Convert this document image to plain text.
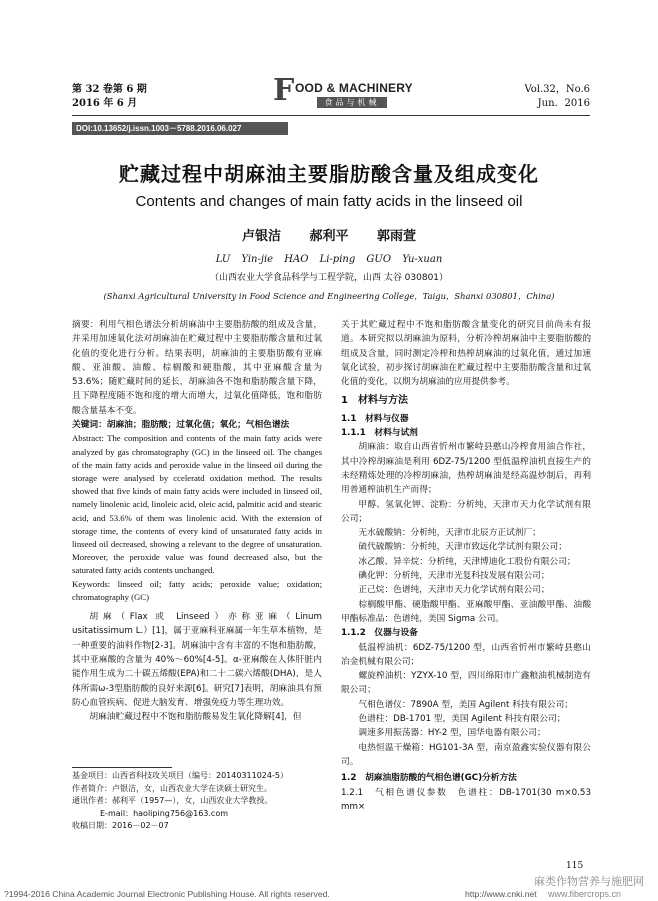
第 32 卷第 6 期
2016 年 6 月	F OOD & MACHINERY
食品与机械
Vol.32，No.6
Jun．2016
DOI:10.13652/j.issn.1003－5788.2016.06.027
贮藏过程中胡麻油主要脂肪酸含量及组成变化
Contents and changes of main fatty acids in the linseed oil
卢银洁 郝利平 郭雨萱
LU Yin-jie HAO Li-ping GUO Yu-xuan
（山西农业大学食品科学与工程学院，山西 太谷 030801）
(Shanxi Agricultural University in Food Science and Engineering College，Taigu，Shanxi 030801，China)

摘要：利用气相色谱法分析胡麻油中主要脂肪酸的组成及含量，并采用加速氧化法对胡麻油在贮藏过程中主要脂肪酸含量和过氧化值的变化进行分析。结果表明，胡麻油的主要脂肪酸有亚麻酸、亚油酸、油酸、棕榈酸和硬脂酸，其中亚麻酸含量为 53.6%；随贮藏时间的延长，胡麻油各不饱和脂肪酸含量下降，且下降程度随不饱和度的增大而增大，过氧化值降低，饱和脂肪酸含量基本不变。

关键词：胡麻油；脂肪酸；过氧化值；氧化；气相色谱法

Abstract: The composition and contents of the main fatty acids were analyzed by gas chromatography (GC) in the linseed oil. The changes of the main fatty acids and peroxide value in the linseed oil during the storage were analysed by cceleratd oxidation method. The results showed that five kinds of main fatty acids were included in linseed oil, namely linolenic acid, linoleic acid, oleic acid, palmitic acid and stearic acid, and 53.6% of them was linolenic acid. With the extension of storage time, the contents of every kind of unsaturated fatty acids in linseed oil decreased, showing a relevant to the degree of unsaturation. Moreover, the peroxide value was found decreased also, but the saturated fatty acids contents unchanged.

Keywords: linseed oil; fatty acids; peroxide value; oxidation; chromatography (GC)

胡麻（Flax 或 Linseed）亦称亚麻（Linum usitatissimum L.）[1]，属于亚麻科亚麻属一年生草本植物，是一种重要的油料作物[2-3]。胡麻油中含有丰富的不饱和脂肪酸，其中亚麻酸的含量为 40%～60%[4-5]。α-亚麻酸在人体肝脏内能作用生成为二十碳五烯酸(EPA)和二十二碳六烯酸(DHA)，是人体所需ω-3型脂肪酸的良好来源[6]。研究[7]表明，胡麻油具有预防心血管疾病、促进大脑发育、增强免疫力等生理功效。

胡麻油贮藏过程中不饱和脂肪酸易发生氧化降解[4]，但

基金项目：山西省科技攻关项目（编号：20140311024-5）

作者简介：卢银洁，女，山西农业大学在读硕士研究生。

通讯作者：郝利平（1957—），女，山西农业大学教授。

E-mail：haoliping756@163.com

收稿日期：2016－02－07

关于其贮藏过程中不饱和脂肪酸含量变化的研究目前尚未有报道。本研究拟以胡麻油为原料，分析冷榨胡麻油中主要脂肪酸的组成及含量，同时测定冷榨和热榨胡麻油的过氧化值，通过加速氧化试验，初步探讨胡麻油在贮藏过程中主要脂肪酸含量和过氧化值的变化，以期为胡麻油的应用提供参考。

1　材料与方法

1.1　材料与仪器

1.1.1　材料与试剂

胡麻油：取自山西省忻州市繁峙县憨山冷榨食用油合作社，其中冷榨胡麻油是利用 6DZ-75/1200 型低温榨油机直接生产的未经精炼处理的冷榨胡麻油，热榨胡麻油是经高温炒制后，再利用普通榨油机生产而得；

甲醇、氢氧化钾、淀粉：分析纯，天津市天力化学试剂有限公司；

无水硫酸钠：分析纯，天津市北辰方正试剂厂；

硫代硫酸钠：分析纯，天津市致远化学试剂有限公司；

冰乙酸、异辛烷：分析纯，天津博迪化工股份有限公司；

碘化钾：分析纯，天津市光复科技发展有限公司；

正己烷：色谱纯，天津市天力化学试剂有限公司；

棕榈酸甲酯、硬脂酸甲酯、亚麻酸甲酯、亚油酸甲酯、油酸甲酯标准品：色谱纯，美国 Sigma 公司。

1.1.2　仪器与设备

低温榨油机：6DZ-75/1200 型，山西省忻州市繁峙县憨山冶金机械有限公司；

螺旋榨油机：YZYX-10 型，四川绵阳市广鑫粮油机械制造有限公司；

气相色谱仪：7890A 型，美国 Agilent 科技有限公司；

色谱柱：DB-1701 型，美国 Agilent 科技有限公司；

调速多用振荡器：HY-2 型，国华电器有限公司；

电热恒温干燥箱：HG101-3A 型，南京盈鑫实验仪器有限公司。

1.2　胡麻油脂肪酸的气相色谱(GC)分析方法

1.2.1　气相色谱仪参数　色谱柱：DB-1701(30 m×0.53 mm×

115
?1994-2016 China Academic Journal Electronic Publishing House. All rights reserved.	http://www.cnki.net
麻类作物营养与施肥网
www.fibercrops.cn
